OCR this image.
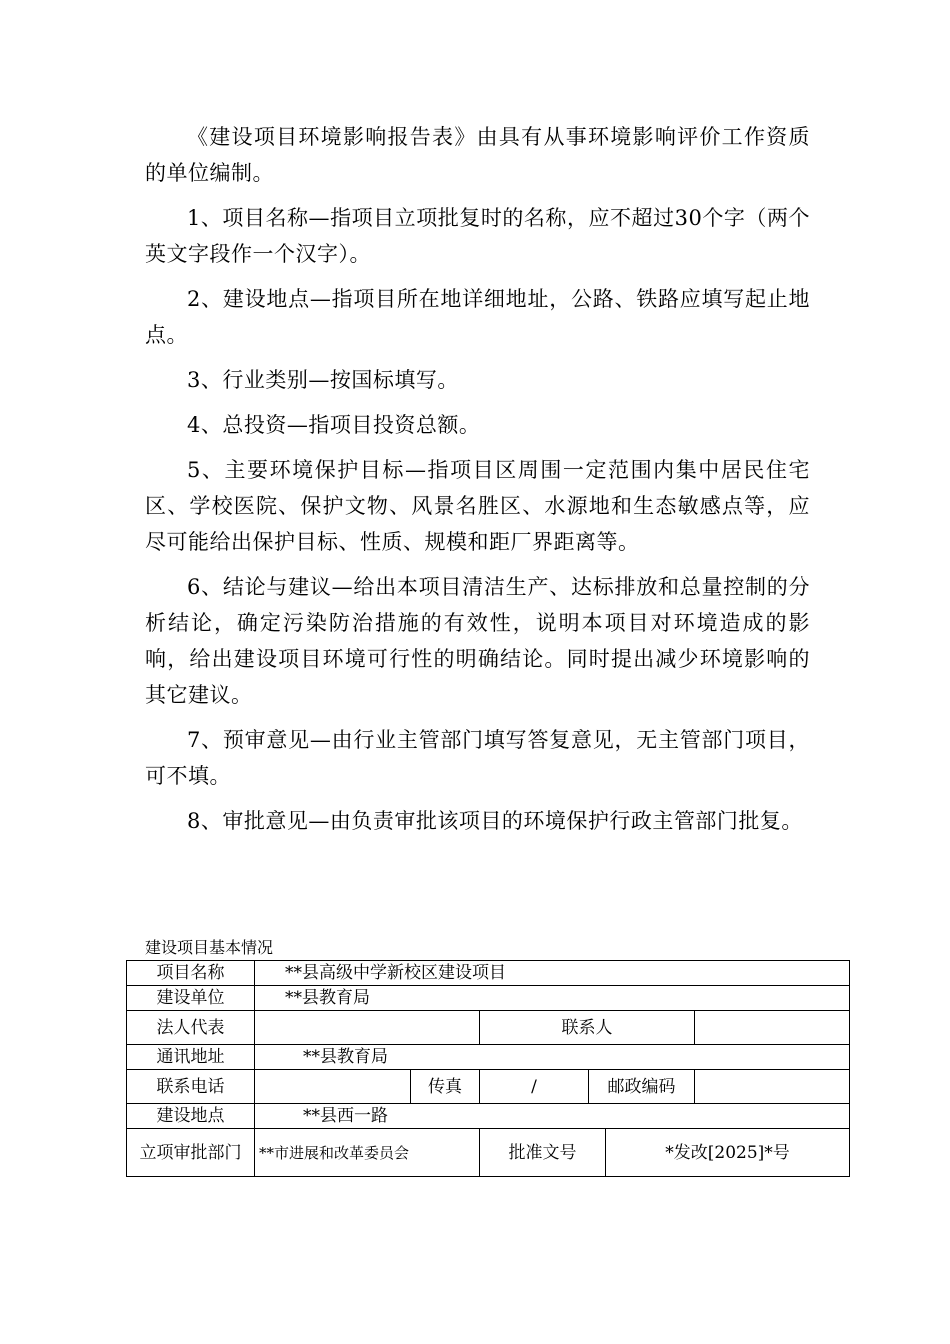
《建设项目环境影响报告表》由具有从事环境影响评价工作资质的单位编制。

1、项目名称—指项目立项批复时的名称，应不超过30个字（两个英文字段作一个汉字）。

2、建设地点—指项目所在地详细地址，公路、铁路应填写起止地点。

3、行业类别—按国标填写。

4、总投资—指项目投资总额。

5、主要环境保护目标—指项目区周围一定范围内集中居民住宅区、学校医院、保护文物、风景名胜区、水源地和生态敏感点等，应尽可能给出保护目标、性质、规模和距厂界距离等。

6、结论与建议—给出本项目清洁生产、达标排放和总量控制的分析结论，确定污染防治措施的有效性，说明本项目对环境造成的影响，给出建设项目环境可行性的明确结论。同时提出减少环境影响的其它建议。

7、预审意见—由行业主管部门填写答复意见，无主管部门项目，可不填。

8、审批意见—由负责审批该项目的环境保护行政主管部门批复。

建设项目基本情况
项目名称	**县高级中学新校区建设项目					
建设单位	**县教育局					
法人代表			联系人			
通讯地址	**县教育局					
联系电话		传真	/	邮政编码		
建设地点	**县西一路					
立项审批部门	**市进展和改革委员会		批准文号		*发改[2025]*号	
